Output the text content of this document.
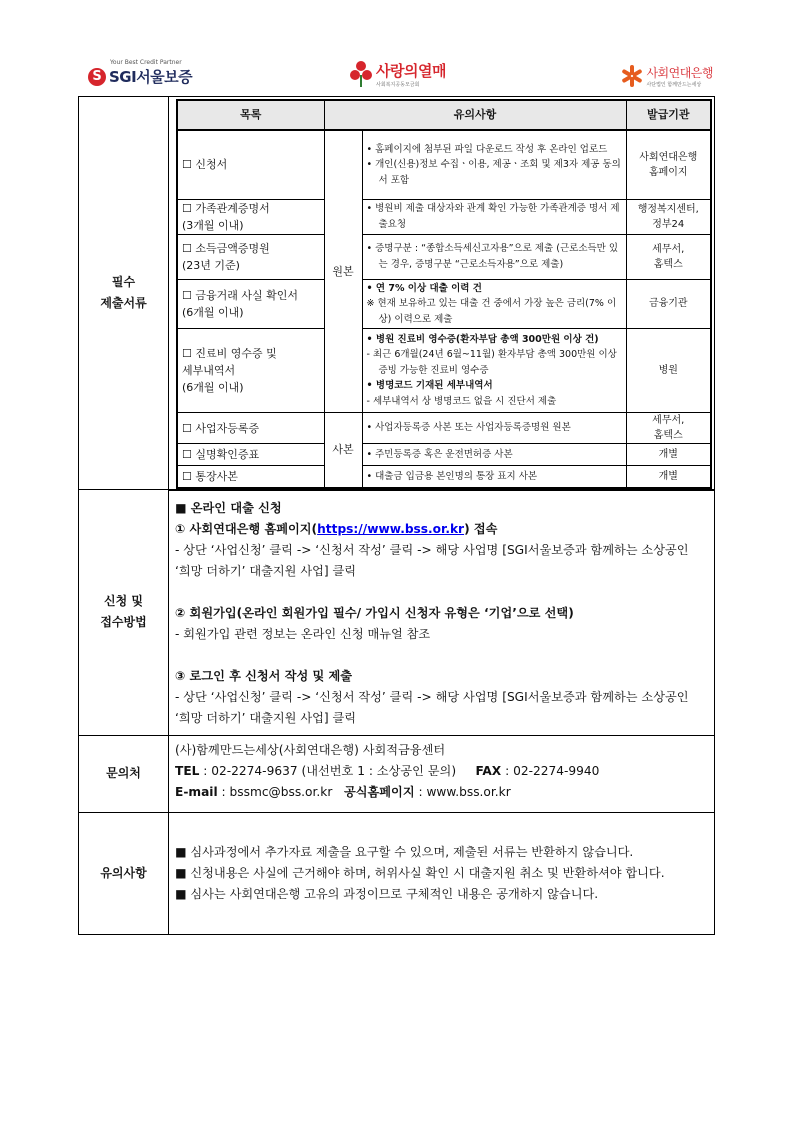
Your Best Credit Partner
S SGI서울보증	사랑의열매
사회복지공동모금회
사회연대은행
사단법인 함께만드는세상
필수
제출서류	
목록	유의사항	발급기관
☐ 신청서	원본	
• 홈페이지에 첨부된 파일 다운로드 작성 후 온라인 업로드
• 개인(신용)정보 수집ㆍ이용, 제공ㆍ조회 및 제3자 제공 동의서 포함
	사회연대은행
홈페이지
☐ 가족관계증명서
(3개월 이내)	
• 병원비 제출 대상자와 관계 확인 가능한 가족관계증 명서 제출요청
	행정복지센터,
정부24
☐ 소득금액증명원
(23년 기준)	
• 증명구분 : “종합소득세신고자용”으로 제출 (근로소득만 있는 경우, 증명구분 “근로소득자용”으로 제출)
	세무서,
홈텍스
☐ 금융거래 사실 확인서
(6개월 이내)	
• 연 7% 이상 대출 이력 건
※ 현재 보유하고 있는 대출 건 중에서 가장 높은 금리(7% 이상) 이력으로 제출
	금융기관
☐ 진료비 영수증 및
세부내역서
(6개월 이내)	
• 병원 진료비 영수증(환자부담 총액 300만원 이상 건)
- 최근 6개월(24년 6월~11월) 환자부담 총액 300만원 이상 증빙 가능한 진료비 영수증
• 병명코드 기재된 세부내역서
- 세부내역서 상 병명코드 없을 시 진단서 제출
	병원
☐ 사업자등록증	사본	
• 사업자등록증 사본 또는 사업자등록증명원 원본
	세무서,
홈텍스
☐ 실명확인증표	• 주민등록증 혹은 운전면허증 사본	개별
☐ 통장사본	• 대출금 입금용 본인명의 통장 표지 사본	개별

신청 및
접수방법	
■ 온라인 대출 신청
① 사회연대은행 홈페이지(https://www.bss.or.kr) 접속
- 상단 ‘사업신청’ 클릭 -> ‘신청서 작성’ 클릭 -> 해당 사업명 [SGI서울보증과 함께하는 소상공인 ‘희망 더하기’ 대출지원 사업] 클릭
② 회원가입(온라인 회원가입 필수/ 가입시 신청자 유형은 ‘기업’으로 선택)
- 회원가입 관련 정보는 온라인 신청 매뉴얼 참조
③ 로그인 후 신청서 작성 및 제출
- 상단 ‘사업신청’ 클릭 -> ‘신청서 작성’ 클릭 -> 해당 사업명 [SGI서울보증과 함께하는 소상공인 ‘희망 더하기’ 대출지원 사업] 클릭

문의처	
(사)함께만드는세상(사회연대은행) 사회적금융센터
TEL : 02-2274-9637 (내선번호 1 : 소상공인 문의) FAX : 02-2274-9940
E-mail : bssmc@bss.or.kr 공식홈페이지 : www.bss.or.kr

유의사항	
■ 심사과정에서 추가자료 제출을 요구할 수 있으며, 제출된 서류는 반환하지 않습니다.
■ 신청내용은 사실에 근거해야 하며, 허위사실 확인 시 대출지원 취소 및 반환하셔야 합니다.
■ 심사는 사회연대은행 고유의 과정이므로 구체적인 내용은 공개하지 않습니다.
